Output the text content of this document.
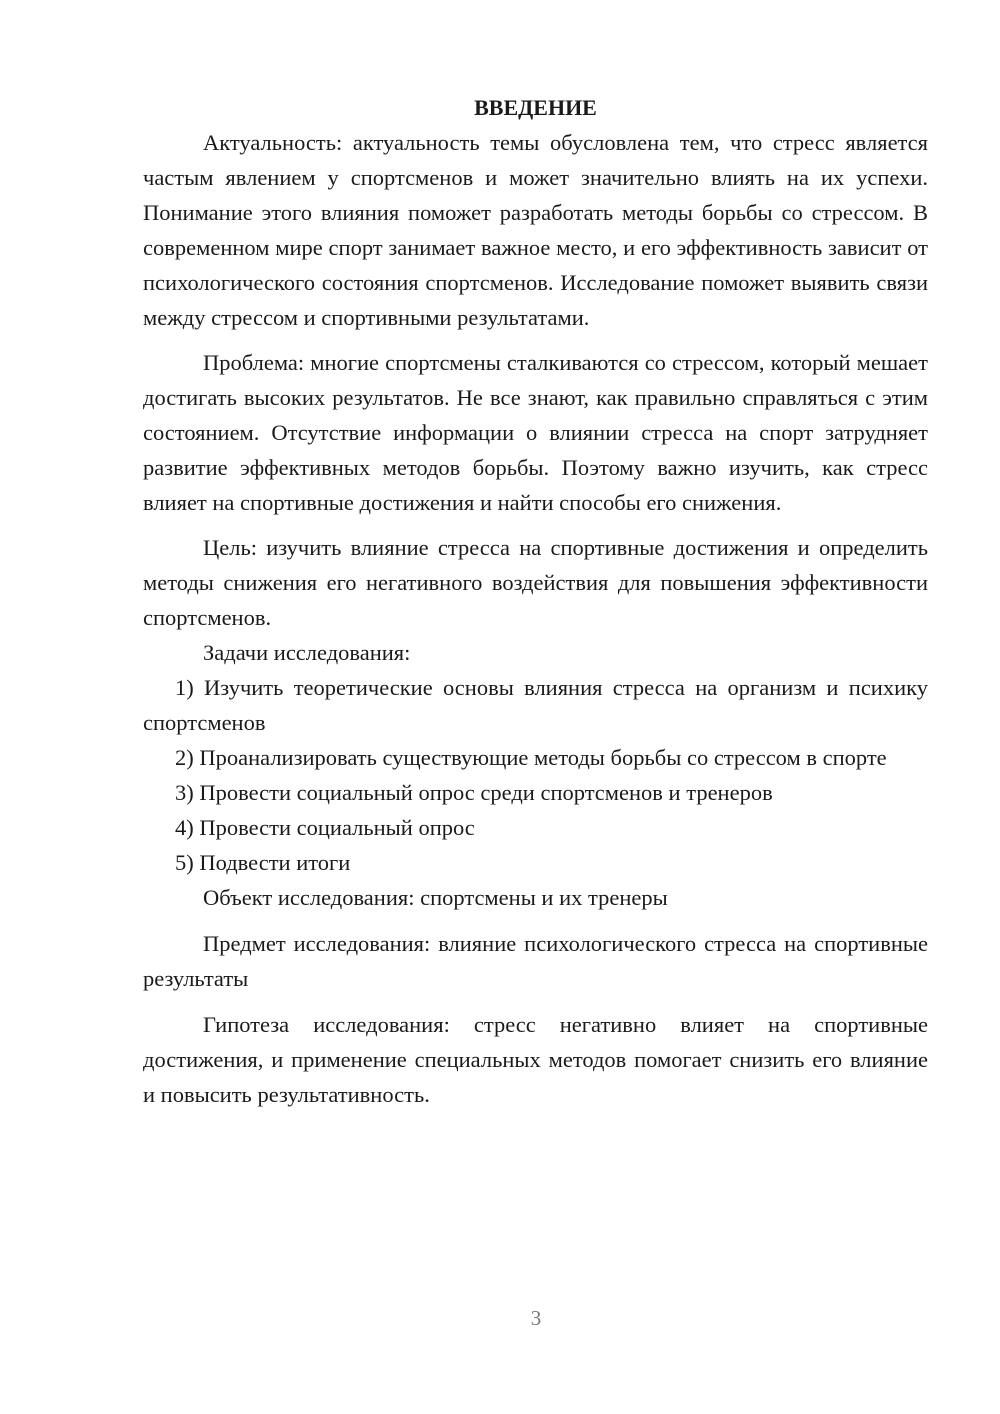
ВВЕДЕНИЕ

Актуальность: актуальность темы обусловлена тем, что стресс является частым явлением у спортсменов и может значительно влиять на их успехи. Понимание этого влияния поможет разработать методы борьбы со стрессом. В современном мире спорт занимает важное место, и его эффективность зависит от психологического состояния спортсменов. Исследование поможет выявить связи между стрессом и спортивными результатами.

Проблема: многие спортсмены сталкиваются со стрессом, который мешает достигать высоких результатов. Не все знают, как правильно справляться с этим состоянием. Отсутствие информации о влиянии стресса на спорт затрудняет развитие эффективных методов борьбы. Поэтому важно изучить, как стресс влияет на спортивные достижения и найти способы его снижения.

Цель: изучить влияние стресса на спортивные достижения и определить методы снижения его негативного воздействия для повышения эффективности спортсменов.

Задачи исследования:

1) Изучить теоретические основы влияния стресса на организм и психику спортсменов

2) Проанализировать существующие методы борьбы со стрессом в спорте

3) Провести социальный опрос среди спортсменов и тренеров

4) Провести социальный опрос

5) Подвести итоги

Объект исследования: спортсмены и их тренеры

Предмет исследования: влияние психологического стресса на спортивные результаты

Гипотеза исследования: стресс негативно влияет на спортивные достижения, и применение специальных методов помогает снизить его влияние и повысить результативность.

3
